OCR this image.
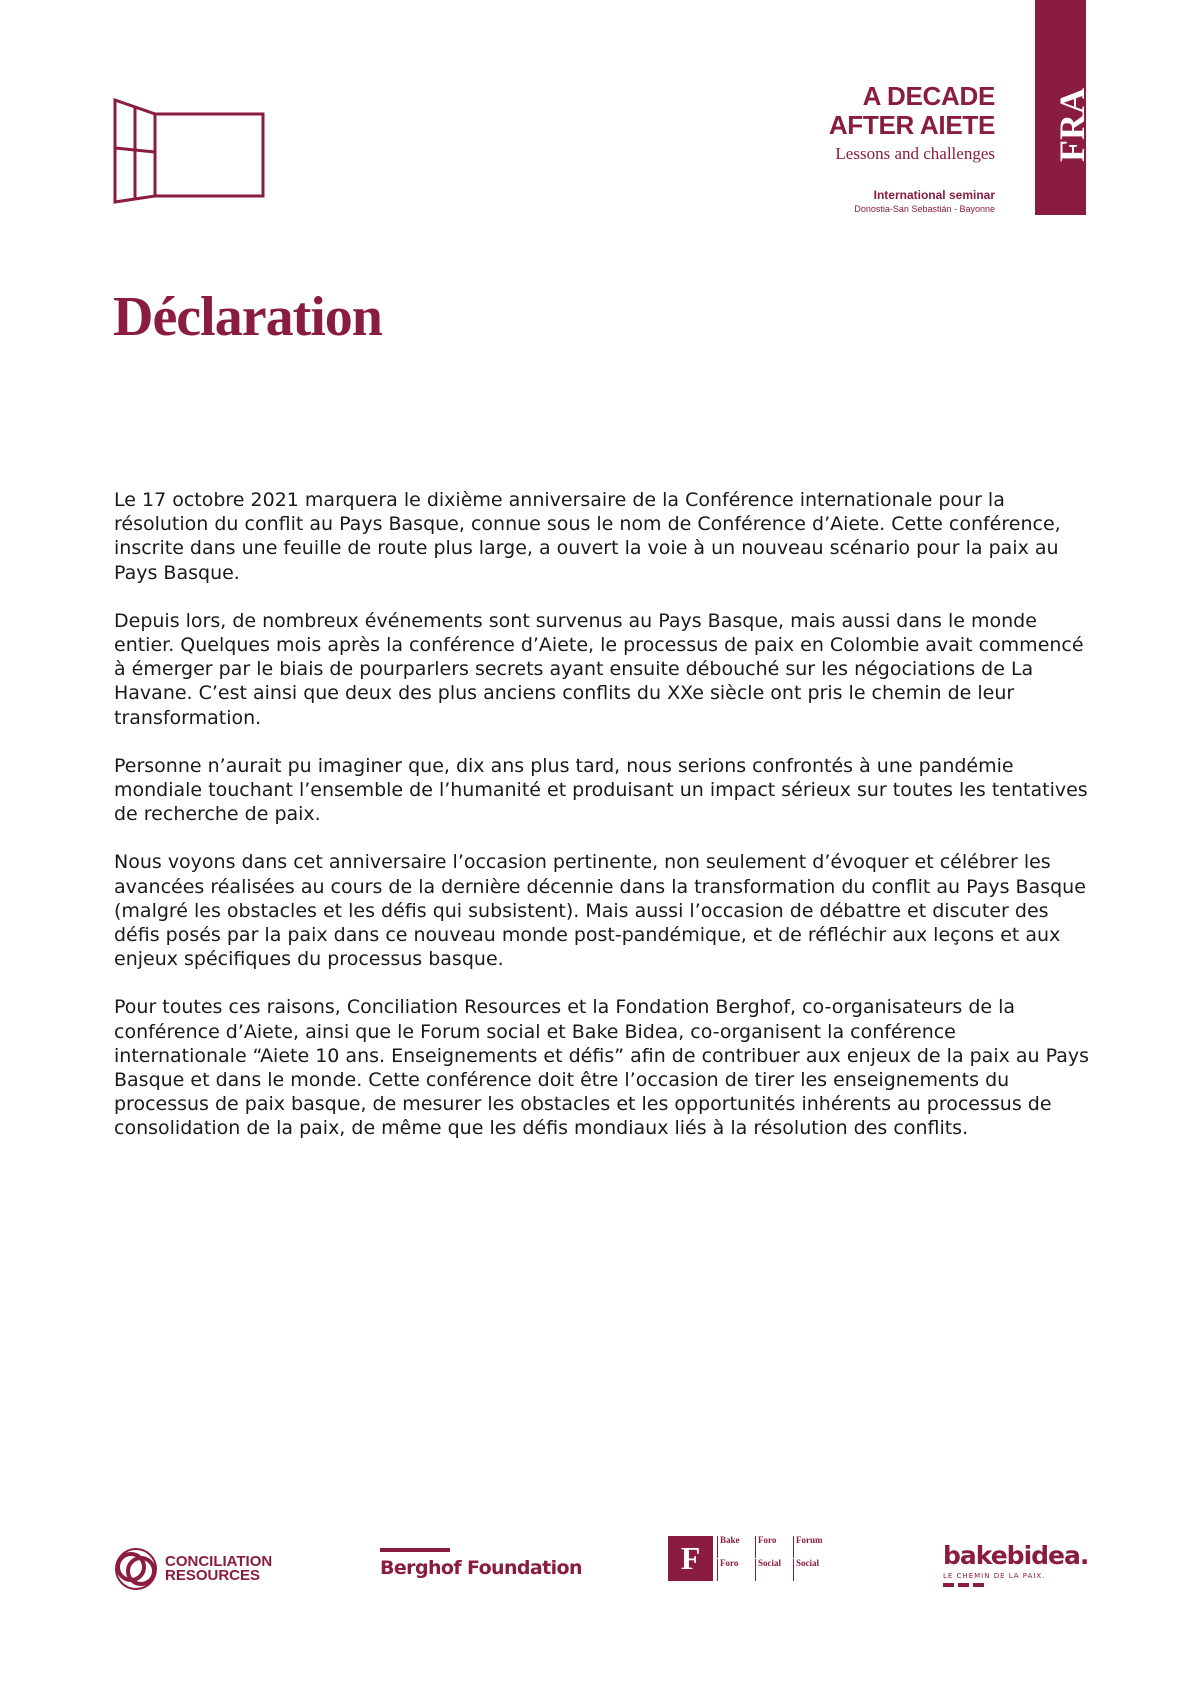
A DECADE
AFTER AIETE
Lessons and challenges
International seminar
Donostia-San Sebastián - Bayonne
FRA
Déclaration

Le 17 octobre 2021 marquera le dixième anniversaire de la Conférence internationale pour la résolution du conflit au Pays Basque, connue sous le nom de Conférence d’Aiete. Cette conférence, inscrite dans une feuille de route plus large, a ouvert la voie à un nouveau scénario pour la paix au Pays Basque.

Depuis lors, de nombreux événements sont survenus au Pays Basque, mais aussi dans le monde entier. Quelques mois après la conférence d’Aiete, le processus de paix en Colombie avait commencé à émerger par le biais de pourparlers secrets ayant ensuite débouché sur les négociations de La Havane. C’est ainsi que deux des plus anciens conflits du XXe siècle ont pris le chemin de leur transformation.

Personne n’aurait pu imaginer que, dix ans plus tard, nous serions confrontés à une pandémie mondiale touchant l’ensemble de l’humanité et produisant un impact sérieux sur toutes les tentatives de recherche de paix.

Nous voyons dans cet anniversaire l’occasion pertinente, non seulement d’évoquer et célébrer les avancées réalisées au cours de la dernière décennie dans la transformation du conflit au Pays Basque (malgré les obstacles et les défis qui subsistent). Mais aussi l’occasion de débattre et discuter des défis posés par la paix dans ce nouveau monde post-pandémique, et de réfléchir aux leçons et aux enjeux spécifiques du processus basque.

Pour toutes ces raisons, Conciliation Resources et la Fondation Berghof, co-organisateurs de la conférence d’Aiete, ainsi que le Forum social et Bake Bidea, co-organisent la conférence internationale “Aiete 10 ans. Enseignements et défis” afin de contribuer aux enjeux de la paix au Pays Basque et dans le monde. Cette conférence doit être l’occasion de tirer les enseignements du processus de paix basque, de mesurer les obstacles et les opportunités inhérents au processus de consolidation de la paix, de même que les défis mondiaux liés à la résolution des conflits.

CONCILIATION
RESOURCES	Berghof Foundation	F	Bake	Foro	Forum
Foro	Social	Social	bakebidea.
LE CHEMIN DE LA PAIX.
